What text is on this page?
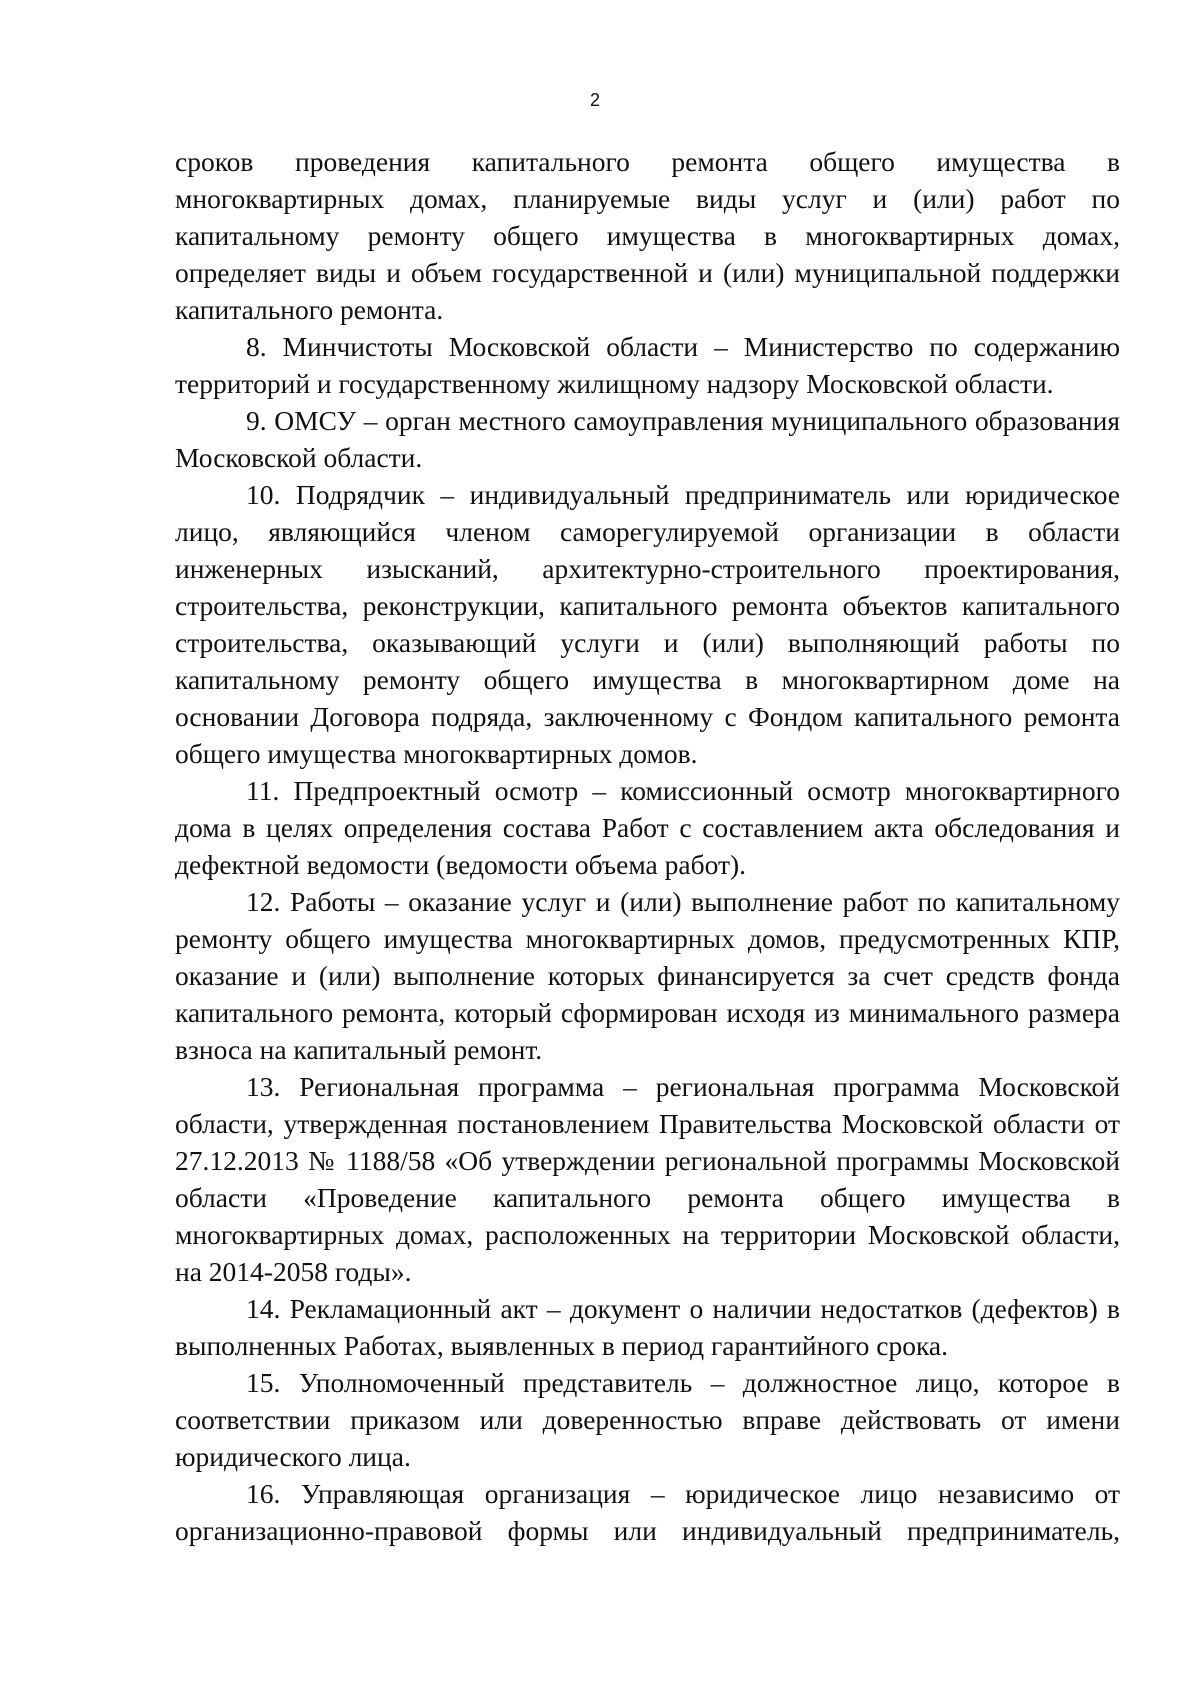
2

сроков проведения капитального ремонта общего имущества в многоквартирных домах, планируемые виды услуг и (или) работ по капитальному ремонту общего имущества в многоквартирных домах, определяет виды и объем государственной и (или) муниципальной поддержки капитального ремонта.

8. Минчистоты Московской области – Министерство по содержанию территорий и государственному жилищному надзору Московской области.

9. ОМСУ – орган местного самоуправления муниципального образования Московской области.

10. Подрядчик – индивидуальный предприниматель или юридическое лицо, являющийся членом саморегулируемой организации в области инженерных изысканий, архитектурно-строительного проектирования, строительства, реконструкции, капитального ремонта объектов капитального строительства, оказывающий услуги и (или) выполняющий работы по капитальному ремонту общего имущества в многоквартирном доме на основании Договора подряда, заключенному с Фондом капитального ремонта общего имущества многоквартирных домов.

11. Предпроектный осмотр – комиссионный осмотр многоквартирного дома в целях определения состава Работ с составлением акта обследования и дефектной ведомости (ведомости объема работ).

12. Работы – оказание услуг и (или) выполнение работ по капитальному ремонту общего имущества многоквартирных домов, предусмотренных КПР, оказание и (или) выполнение которых финансируется за счет средств фонда капитального ремонта, который сформирован исходя из минимального размера взноса на капитальный ремонт.

13. Региональная программа – региональная программа Московской области, утвержденная постановлением Правительства Московской области от 27.12.2013 № 1188/58 «Об утверждении региональной программы Московской области «Проведение капитального ремонта общего имущества в многоквартирных домах, расположенных на территории Московской области, на 2014-2058 годы».

14. Рекламационный акт – документ о наличии недостатков (дефектов) в выполненных Работах, выявленных в период гарантийного срока.

15. Уполномоченный представитель – должностное лицо, которое в соответствии приказом или доверенностью вправе действовать от имени юридического лица.

16. Управляющая организация – юридическое лицо независимо от организационно-правовой формы или индивидуальный предприниматель,
